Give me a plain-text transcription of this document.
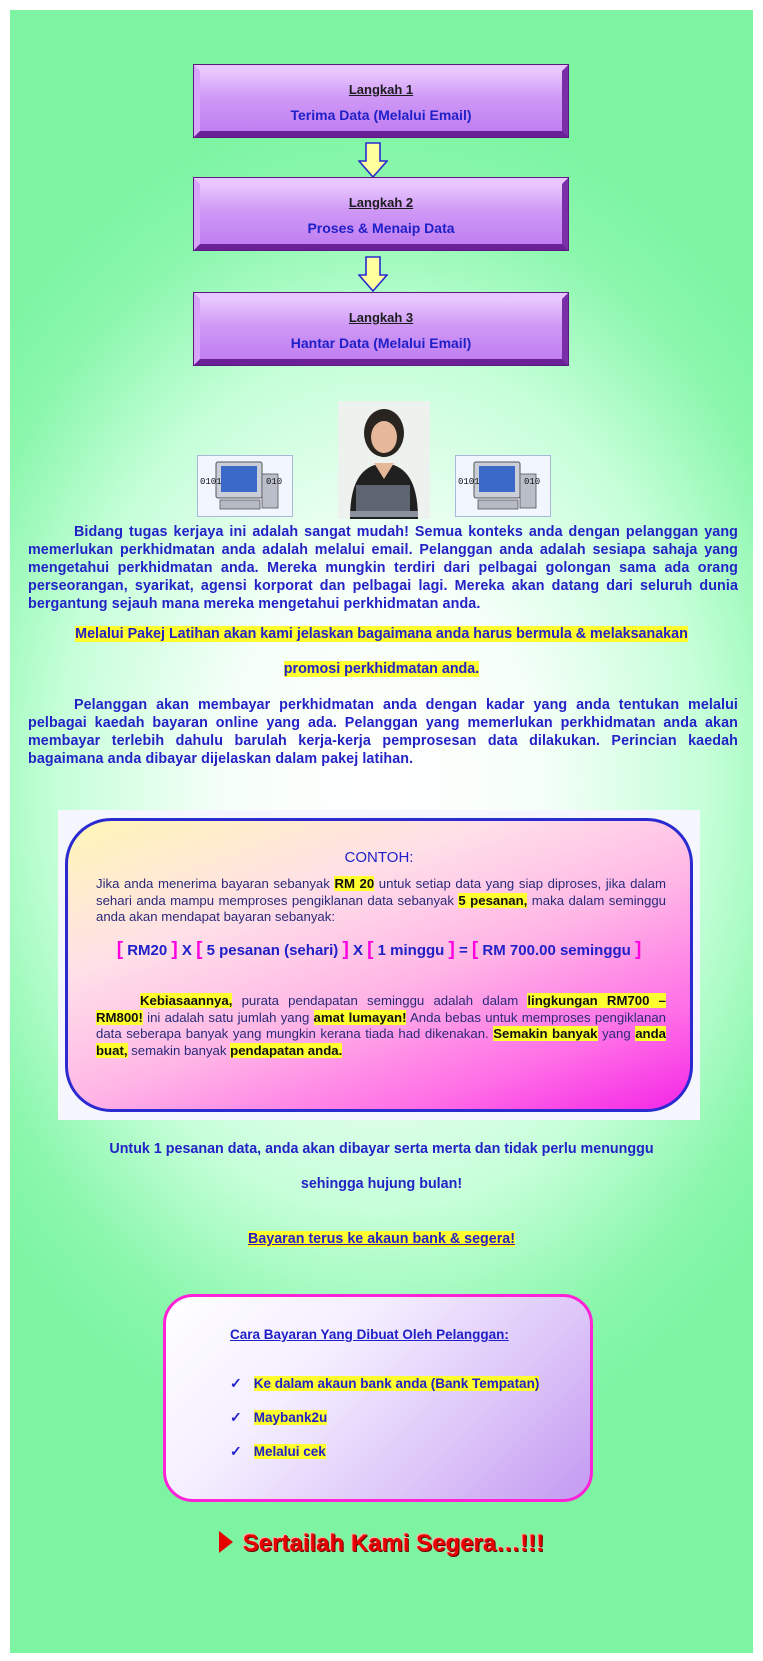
Langkah 1
Terima Data (Melalui Email)
Langkah 2
Proses & Menaip Data
Langkah 3
Hantar Data (Melalui Email)
0101	010	0101	010

Bidang tugas kerjaya ini adalah sangat mudah! Semua konteks anda dengan pelanggan yang memerlukan perkhidmatan anda adalah melalui email. Pelanggan anda adalah sesiapa sahaja yang mengetahui perkhidmatan anda. Mereka mungkin terdiri dari pelbagai golongan sama ada orang perseorangan, syarikat, agensi korporat dan pelbagai lagi. Mereka akan datang dari seluruh dunia bergantung sejauh mana mereka mengetahui perkhidmatan anda.

Melalui Pakej Latihan akan kami jelaskan bagaimana anda harus bermula & melaksanakan
promosi perkhidmatan anda.

Pelanggan akan membayar perkhidmatan anda dengan kadar yang anda tentukan melalui pelbagai kaedah bayaran online yang ada. Pelanggan yang memerlukan perkhidmatan anda akan membayar terlebih dahulu barulah kerja-kerja pemprosesan data dilakukan. Perincian kaedah bagaimana anda dibayar dijelaskan dalam pakej latihan.

CONTOH:

Jika anda menerima bayaran sebanyak RM 20 untuk setiap data yang siap diproses, jika dalam sehari anda mampu memproses pengiklanan data sebanyak 5 pesanan, maka dalam seminggu anda akan mendapat bayaran sebanyak:

[ RM20 ] X [ 5 pesanan (sehari) ] X [ 1 minggu ] = [ RM 700.00 seminggu ]

Kebiasaannya, purata pendapatan seminggu adalah dalam lingkungan RM700 – RM800! ini adalah satu jumlah yang amat lumayan! Anda bebas untuk memproses pengiklanan data seberapa banyak yang mungkin kerana tiada had dikenakan. Semakin banyak yang anda buat, semakin banyak pendapatan anda.

Untuk 1 pesanan data, anda akan dibayar serta merta dan tidak perlu menunggu
sehingga hujung bulan!
Bayaran terus ke akaun bank & segera!
Cara Bayaran Yang Dibuat Oleh Pelanggan:
✓ Ke dalam akaun bank anda (Bank Tempatan)
✓ Maybank2u
✓ Melalui cek
Sertailah Kami Segera…!!!
